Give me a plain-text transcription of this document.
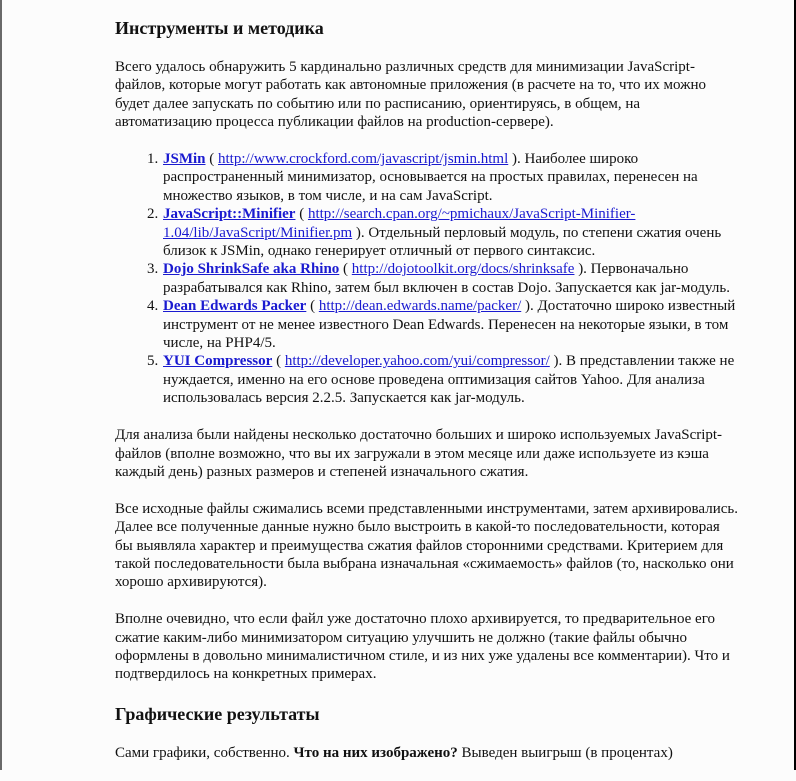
Инструменты и методика

Всего удалось обнаружить 5 кардинально различных средств для минимизации JavaScript-файлов, которые могут работать как автономные приложения (в расчете на то, что их можно будет далее запускать по событию или по расписанию, ориентируясь, в общем, на автоматизацию процесса публикации файлов на production-сервере).

1. JSMin ( http://www.crockford.com/javascript/jsmin.html ). Наиболее широко распространенный минимизатор, основывается на простых правилах, перенесен на множество языков, в том числе, и на сам JavaScript.
2. JavaScript::Minifier ( http://search.cpan.org/~pmichaux/JavaScript-Minifier-1.04/lib/JavaScript/Minifier.pm ). Отдельный перловый модуль, по степени сжатия очень близок к JSMin, однако генерирует отличный от первого синтаксис.
3. Dojo ShrinkSafe aka Rhino ( http://dojotoolkit.org/docs/shrinksafe ). Первоначально разрабатывался как Rhino, затем был включен в состав Dojo. Запускается как jar-модуль.
4. Dean Edwards Packer ( http://dean.edwards.name/packer/ ). Достаточно широко известный инструмент от не менее известного Dean Edwards. Перенесен на некоторые языки, в том числе, на PHP4/5.
5. YUI Compressor ( http://developer.yahoo.com/yui/compressor/ ). В представлении также не нуждается, именно на его основе проведена оптимизация сайтов Yahoo. Для анализа использовалась версия 2.2.5. Запускается как jar-модуль.

Для анализа были найдены несколько достаточно больших и широко используемых JavaScript-файлов (вполне возможно, что вы их загружали в этом месяце или даже используете из кэша каждый день) разных размеров и степеней изначального сжатия.

Все исходные файлы сжимались всеми представленными инструментами, затем архивировались. Далее все полученные данные нужно было выстроить в какой-то последовательности, которая бы выявляла характер и преимущества сжатия файлов сторонними средствами. Критерием для такой последовательности была выбрана изначальная «сжимаемость» файлов (то, насколько они хорошо архивируются).

Вполне очевидно, что если файл уже достаточно плохо архивируется, то предварительное его сжатие каким-либо минимизатором ситуацию улучшить не должно (такие файлы обычно оформлены в довольно минималистичном стиле, и из них уже удалены все комментарии). Что и подтвердилось на конкретных примерах.

Графические результаты

Сами графики, собственно. Что на них изображено? Выведен выигрыш (в процентах)
